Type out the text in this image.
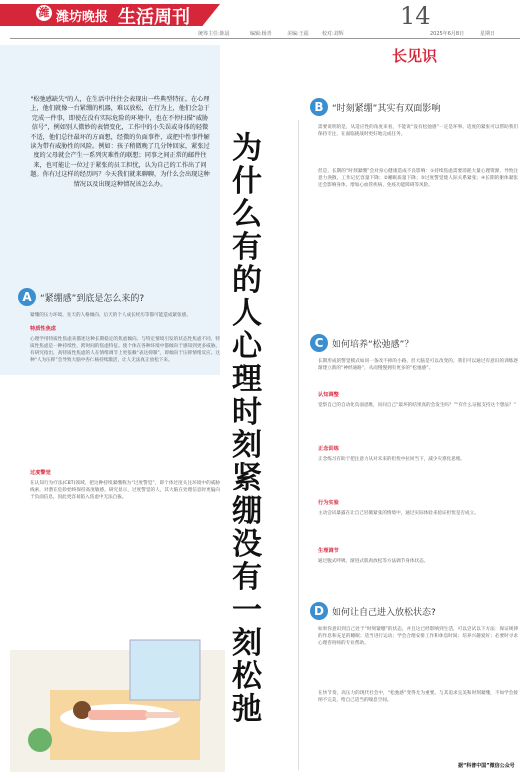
潍 潍坊晚报 生活周刊	14
统筹主任:陈晨	编辑:杨青	美编:王福	校对:刘辉	2025年6月8日	星期日
长见识
"松弛感缺失"的人，在生活中往往会表现出一些典型特征。在心理上，他们就像一台紧绷的机器，难以放松，在行为上，他们会急于完成一件事，即使在没有实际危险的环境中，也在不停扫描“威胁信号”，例如别人微妙的表情变化，工作中的小失误或身体的轻微不适，他们总往最坏的方面想，经微的负面事件，或把中性事件解读为带有威胁性的风险。例如：孩子稍微晚了几分钟回家，紧张过度的父母就会产生一系列灾难性的联想；同事之间正常的邮件往来，也可能让一位过于紧张的员工担忧，认为自己的工作出了问题。你有过这样的经历吗？今天我们就来聊聊，为什么会出现这种情况以及出现这种情况该怎么办。
为什么有的人心理时刻紧绷 没有一刻松弛
A “紧绷感”到底是怎么来的?
紧绷的压力环境、先天的人格倾向、后天的个人成长经历等都可能造成紧张感。
特质性焦虑
心理学用特质性焦虑来描述这种长期稳定的焦虑倾向。与特定情境引发的状态性焦虑不同，特质性焦虑是一种持续性、跨时间的焦虑特征。使个体在各种环境中都倾向于感知到更多威胁。有研究指出，高特质性焦虑的人在情绪调节上更依赖“表达抑制”，即倾向于压抑情绪反应。这种“人为压抑”会导致大脑中杏仁核持续激活，让人无法真正放松下来。
过度警觉
在认知行为疗法(CBT)领域，把这种持续紧绷称为“过度警觉”，即个体过度关注环境中的威胁线索，对潜在危险始终保持高度敏感。研究显示，过度警觉的人，其大脑在处理信息时更偏向于负面信息，因此更容易陷入焦虑中无法自拔。
B “时刻紧绷”其实有双面影响
需要说明的是，从适应性的角度来看，不能说“没有松弛感”一定是坏事。适度的紧张可以帮助我们保持专注，在面临挑战时更好地完成任务。
但是，长期的“时刻紧绷”会对身心健康造成不良影响：①持续焦虑需要消耗大量心理资源，导致注意力涣散、工作记忆容量下降；②睡眠质量下降；③过度警觉使人际关系紧张；④长期的躯体紧张还会影响身体，增加心血管疾病、免疫功能障碍等风险。
C 如何培养“松弛感”？
长期形成的警觉模式如同一条改不掉的小路，但大脑是可以改变的。我们可以通过有意识的训练逐渐建立新的“神经通路”，从而慢慢拥有更多的“松弛感”。
认知调整
觉察自己的自动化负面思维，问问自己“最坏的结果真的会发生吗？”“有什么证据支持这个想法？”
正念训练
正念练习有助于把注意力从对未来的担忧中拉回当下，减少灾难化思维。
行为实验
主动尝试暴露在让自己轻微紧张的情境中，通过实际体验来验证担忧是否成立。
生理调节
通过腹式呼吸、渐进式肌肉放松等方法调节身体状态。
D 如何让自己进入放松状态?
如果你意识到自己处于“时刻紧绷”的状态，并且这已经影响到生活，可以尝试以下方法：保证规律的作息和充足的睡眠；适当进行运动；学会合理安排工作和休息时间；培养兴趣爱好；必要时寻求心理咨询师的专业帮助。
在快节奏、高压力的现代社会中，“松弛感”变得尤为重要。与其追求完美和时刻紧绷，不如学会接纳不完美，给自己适当的喘息空间。
据“科普中国”微信公众号
